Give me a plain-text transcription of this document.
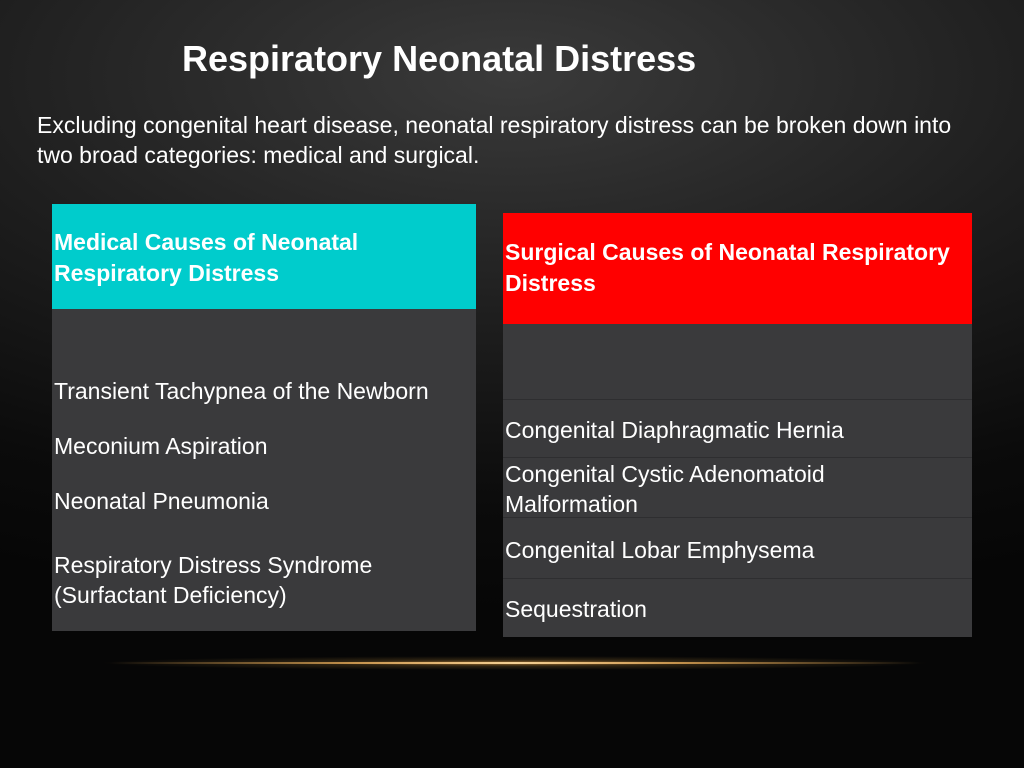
Respiratory Neonatal Distress
Excluding congenital heart disease, neonatal respiratory distress can be broken down into two broad categories: medical and surgical.
Medical Causes of Neonatal Respiratory Distress
Transient Tachypnea of the Newborn
Meconium Aspiration
Neonatal Pneumonia
Respiratory Distress Syndrome (Surfactant Deficiency)
Surgical Causes of Neonatal Respiratory Distress
Congenital Diaphragmatic Hernia
Congenital Cystic Adenomatoid Malformation
Congenital Lobar Emphysema
Sequestration
